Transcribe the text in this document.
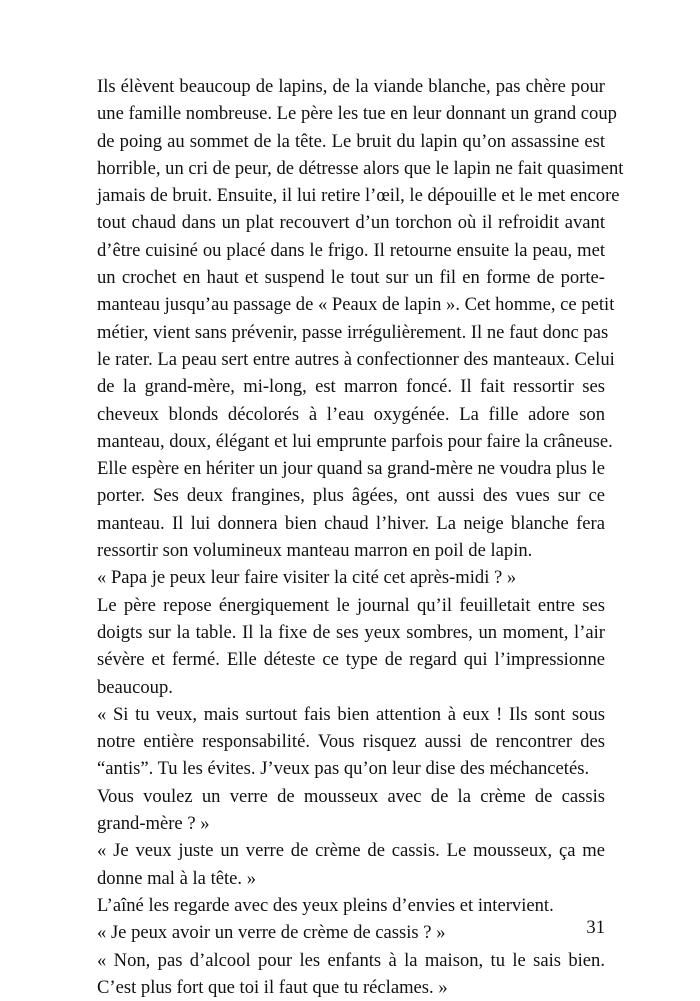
Ils élèvent beaucoup de lapins, de la viande blanche, pas chère pour
une famille nombreuse. Le père les tue en leur donnant un grand coup
de poing au sommet de la tête. Le bruit du lapin qu’on assassine est
horrible, un cri de peur, de détresse alors que le lapin ne fait quasiment
jamais de bruit. Ensuite, il lui retire l’œil, le dépouille et le met encore
tout chaud dans un plat recouvert d’un torchon où il refroidit avant
d’être cuisiné ou placé dans le frigo. Il retourne ensuite la peau, met
un crochet en haut et suspend le tout sur un fil en forme de porte-
manteau jusqu’au passage de « Peaux de lapin ». Cet homme, ce petit
métier, vient sans prévenir, passe irrégulièrement. Il ne faut donc pas
le rater. La peau sert entre autres à confectionner des manteaux. Celui
de la grand-mère, mi-long, est marron foncé. Il fait ressortir ses
cheveux blonds décolorés à l’eau oxygénée. La fille adore son
manteau, doux, élégant et lui emprunte parfois pour faire la crâneuse.
Elle espère en hériter un jour quand sa grand-mère ne voudra plus le
porter. Ses deux frangines, plus âgées, ont aussi des vues sur ce
manteau. Il lui donnera bien chaud l’hiver. La neige blanche fera
ressortir son volumineux manteau marron en poil de lapin.
« Papa je peux leur faire visiter la cité cet après-midi ? »
Le père repose énergiquement le journal qu’il feuilletait entre ses
doigts sur la table. Il la fixe de ses yeux sombres, un moment, l’air
sévère et fermé. Elle déteste ce type de regard qui l’impressionne
beaucoup.
« Si tu veux, mais surtout fais bien attention à eux ! Ils sont sous
notre entière responsabilité. Vous risquez aussi de rencontrer des
“antis”. Tu les évites. J’veux pas qu’on leur dise des méchancetés.
Vous voulez un verre de mousseux avec de la crème de cassis
grand-mère ? »
« Je veux juste un verre de crème de cassis. Le mousseux, ça me
donne mal à la tête. »
L’aîné les regarde avec des yeux pleins d’envies et intervient.
« Je peux avoir un verre de crème de cassis ? »
« Non, pas d’alcool pour les enfants à la maison, tu le sais bien.
C’est plus fort que toi il faut que tu réclames. »
31
